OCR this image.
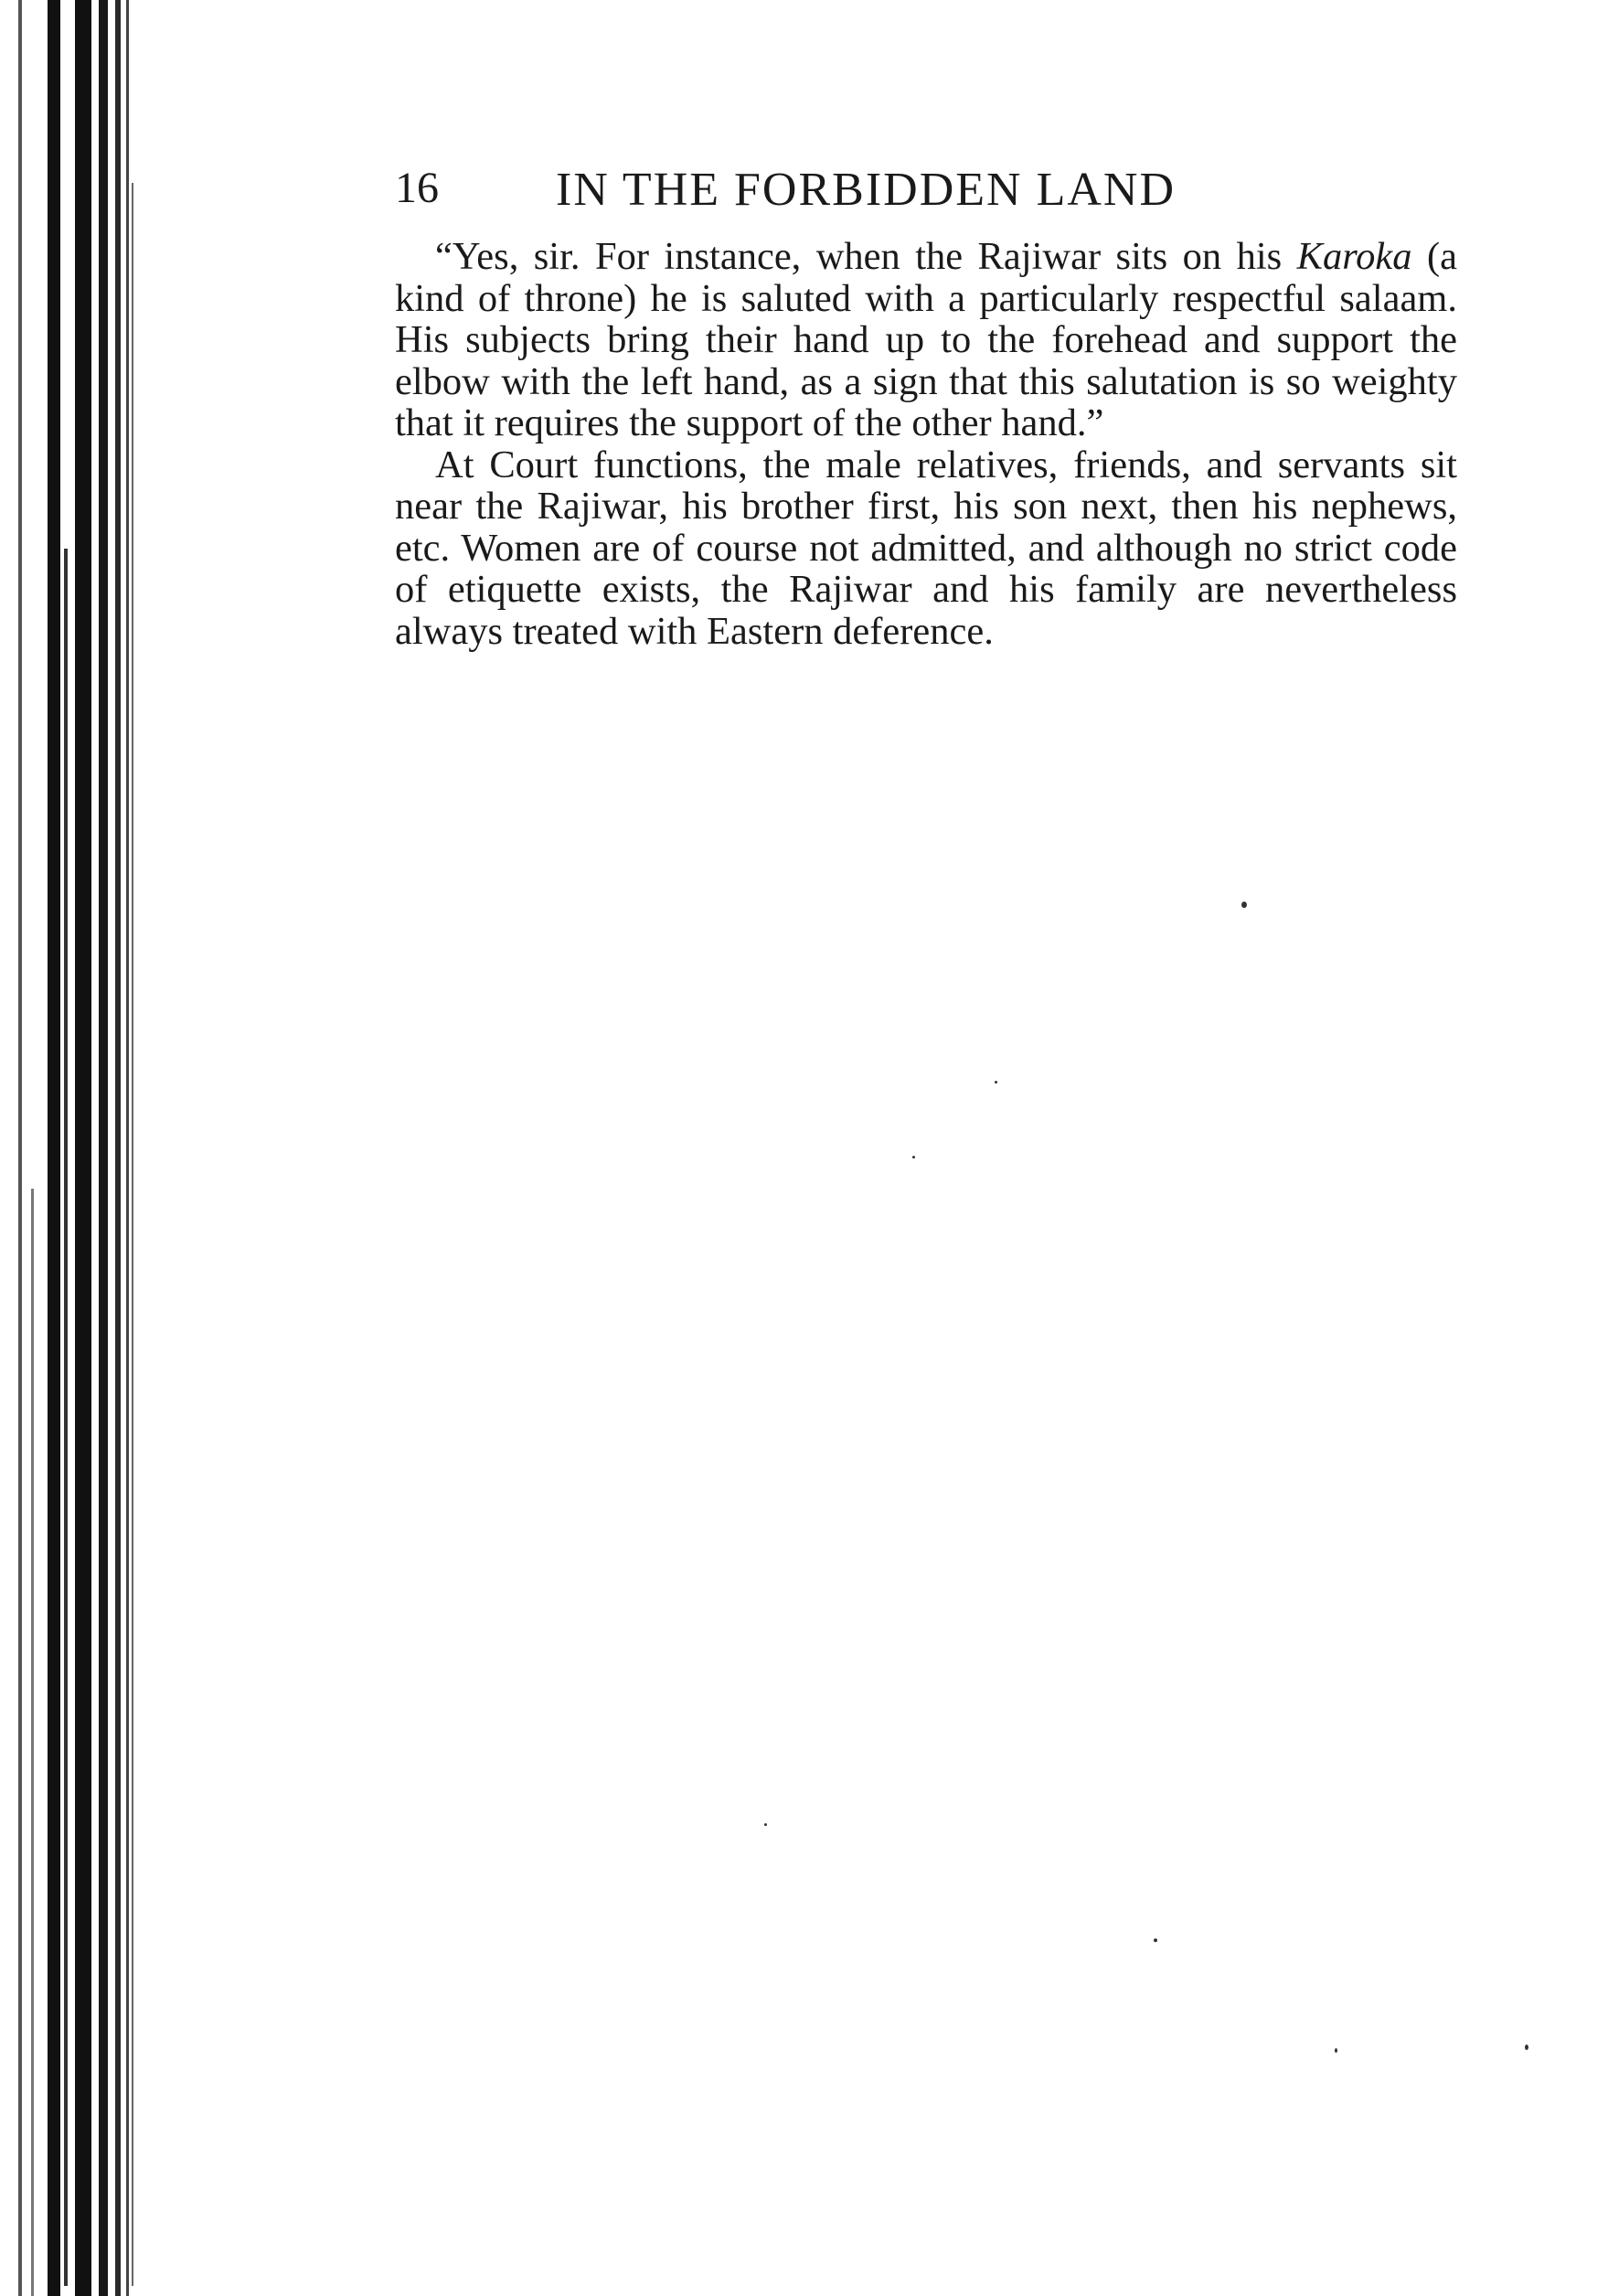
16 IN THE FORBIDDEN LAND

“Yes, sir. For instance, when the Rajiwar sits on his Karoka (a kind of throne) he is saluted with a particularly respectful salaam. His subjects bring their hand up to the forehead and support the elbow with the left hand, as a sign that this salutation is so weighty that it requires the support of the other hand.”

At Court functions, the male relatives, friends, and servants sit near the Rajiwar, his brother first, his son next, then his nephews, etc. Women are of course not admitted, and although no strict code of etiquette exists, the Rajiwar and his family are nevertheless always treated with Eastern deference.
